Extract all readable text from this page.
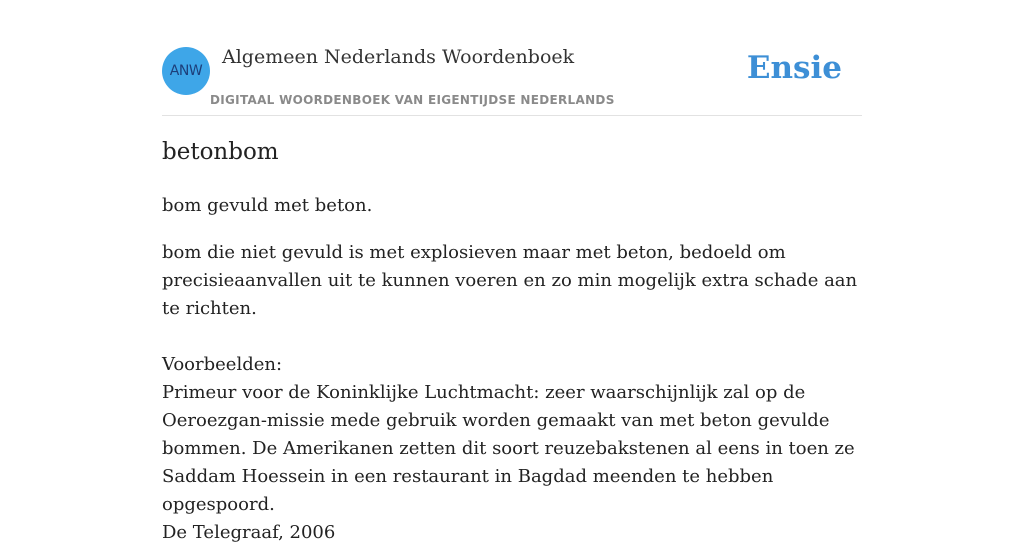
ANW
Algemeen Nederlands Woordenboek
DIGITAAL WOORDENBOEK VAN EIGENTIJDSE NEDERLANDS
Ensie
betonbom

bom gevuld met beton.

bom die niet gevuld is met explosieven maar met beton, bedoeld om precisieaanvallen uit te kunnen voeren en zo min mogelijk extra schade aan te richten.

Voorbeelden:
Primeur voor de Koninklijke Luchtmacht: zeer waarschijnlijk zal op de Oeroezgan-missie mede gebruik worden gemaakt van met beton gevulde bommen. De Amerikanen zetten dit soort reuzebakstenen al eens in toen ze Saddam Hoessein in een restaurant in Bagdad meenden te hebben opgespoord.
De Telegraaf, 2006
